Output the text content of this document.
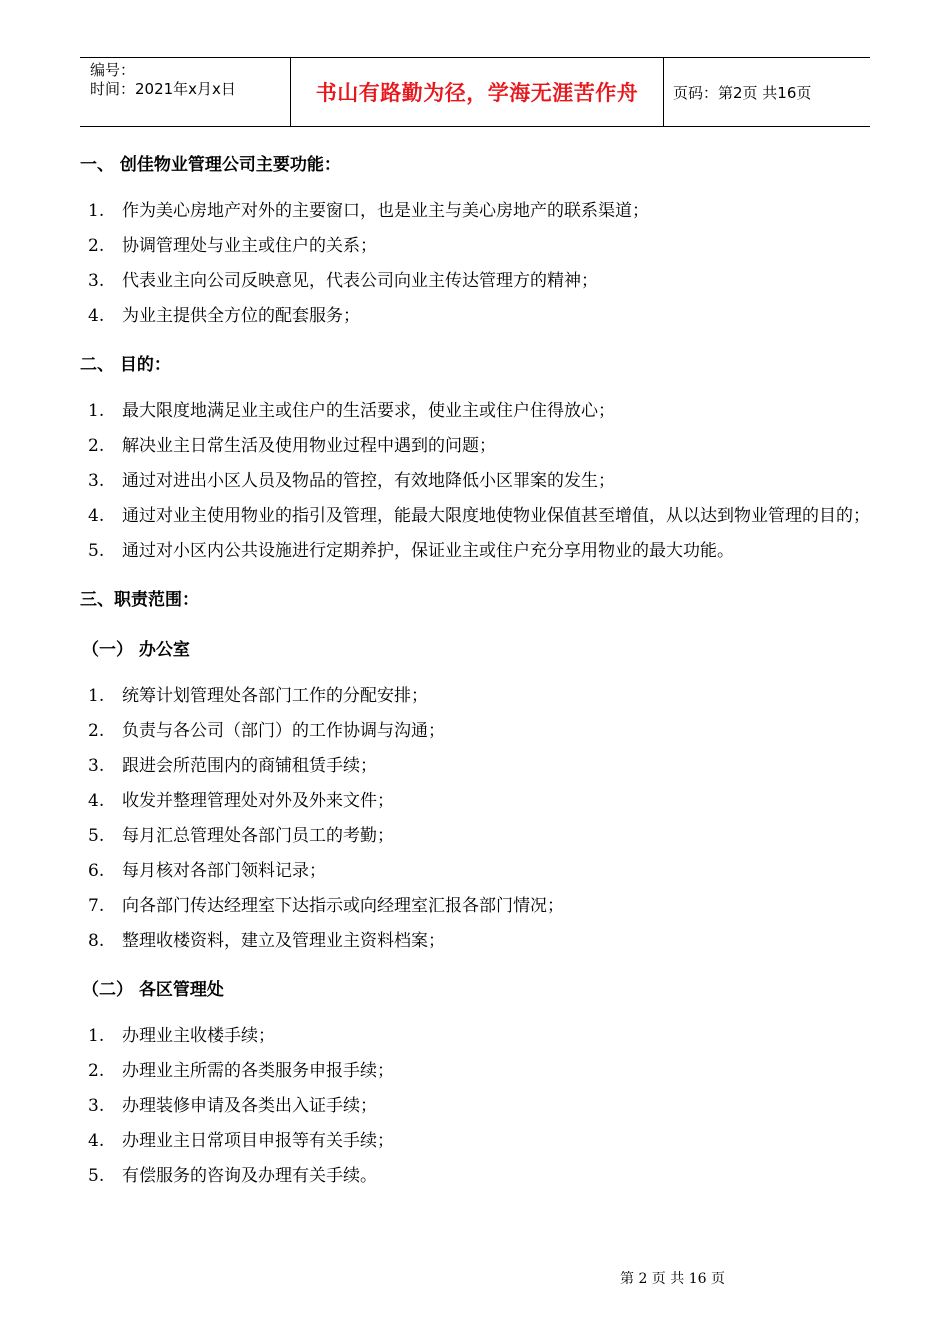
编号：
时间：2021年x月x日	书山有路勤为径，学海无涯苦作舟	页码：第2页 共16页
一、 创佳物业管理公司主要功能：
1.	作为美心房地产对外的主要窗口，也是业主与美心房地产的联系渠道；
2.	协调管理处与业主或住户的关系；
3.	代表业主向公司反映意见，代表公司向业主传达管理方的精神；
4.	为业主提供全方位的配套服务；
二、 目的：
1.	最大限度地满足业主或住户的生活要求，使业主或住户住得放心；
2.	解决业主日常生活及使用物业过程中遇到的问题；
3.	通过对进出小区人员及物品的管控，有效地降低小区罪案的发生；
4.	通过对业主使用物业的指引及管理，能最大限度地使物业保值甚至增值，从以达到物业管理的目的；
5.	通过对小区内公共设施进行定期养护，保证业主或住户充分享用物业的最大功能。
三、职责范围：
（一） 办公室
1.	统筹计划管理处各部门工作的分配安排；
2.	负责与各公司（部门）的工作协调与沟通；
3.	跟进会所范围内的商铺租赁手续；
4.	收发并整理管理处对外及外来文件；
5.	每月汇总管理处各部门员工的考勤；
6.	每月核对各部门领料记录；
7.	向各部门传达经理室下达指示或向经理室汇报各部门情况；
8.	整理收楼资料，建立及管理业主资料档案；
（二） 各区管理处
1.	办理业主收楼手续；
2.	办理业主所需的各类服务申报手续；
3.	办理装修申请及各类出入证手续；
4.	办理业主日常项目申报等有关手续；
5.	有偿服务的咨询及办理有关手续。
第 2 页 共 16 页
